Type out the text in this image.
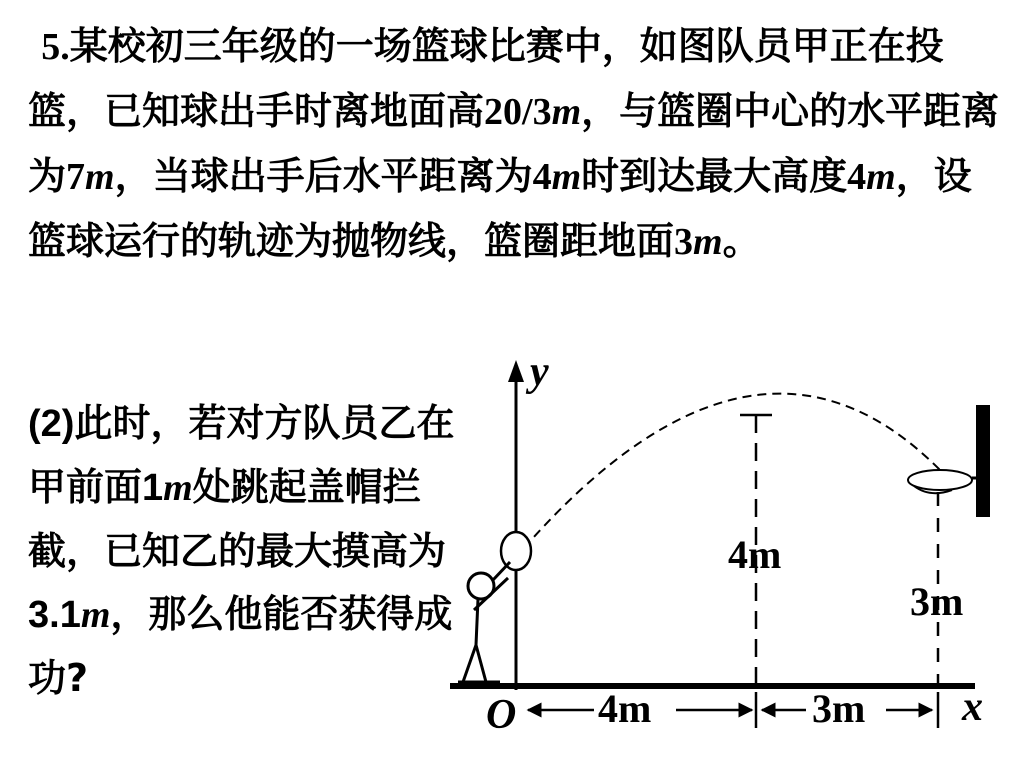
5.某校初三年级的一场篮球比赛中，如图队员甲正在投篮，已知球出手时离地面高20/3m，与篮圈中心的水平距离为7m，当球出手后水平距离为4m时到达最大高度4m，设篮球运行的轨迹为抛物线，篮圈距地面3m。

(2)此时，若对方队员乙在甲前面1m处跳起盖帽拦截，已知乙的最大摸高为3.1m，那么他能否获得成功?

y
4m
3m
O 4m	3m x
